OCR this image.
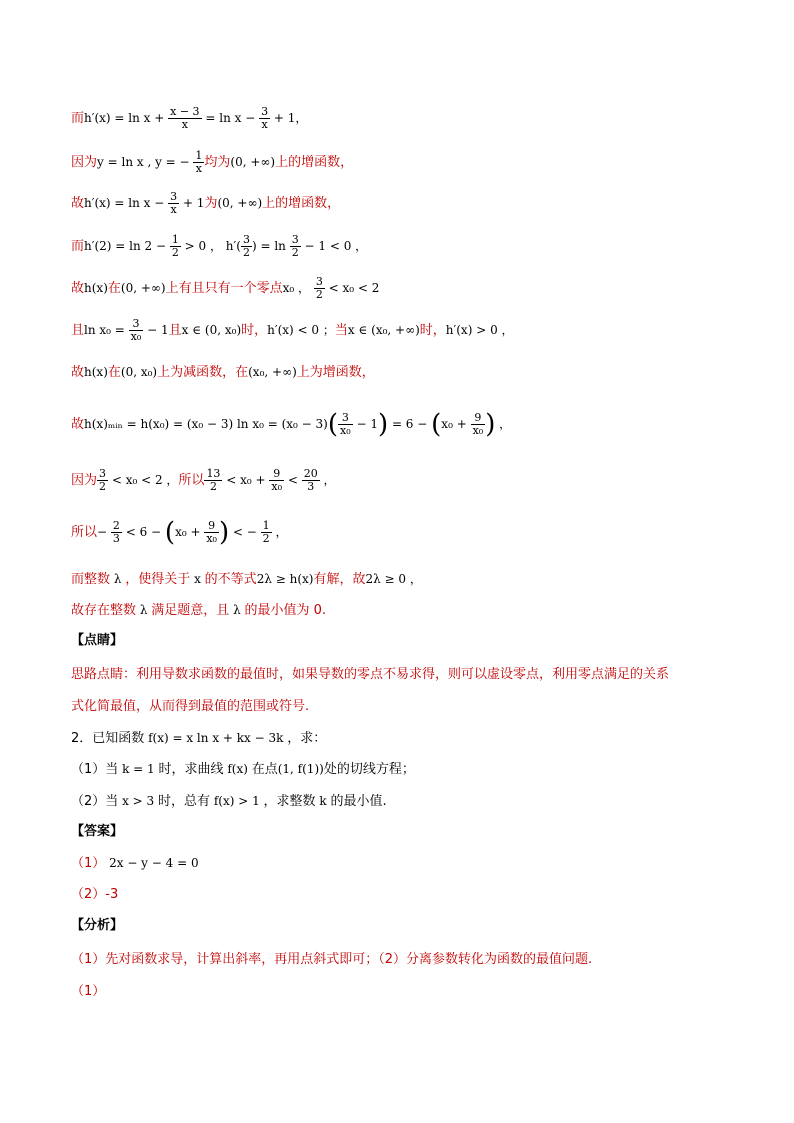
而$h'(x) = \ln x + \frac{x - 3}{x} = \ln x - \frac{3}{x} + 1$，
因为y = ln x , y = − $\frac{1}{x}$ 均为(0, +∞)上的增函数，
故$h'(x) = \ln x - \frac{3}{x} + 1$为(0, +∞)上的增函数，
而$h'(2) = \ln 2 - \frac{1}{2} > 0$ ， $h'( \frac{3}{2}$ ) = $\ln \frac{3}{2} - 1 < 0$ ，
故h(x)在(0, +∞)上有且只有一个零点x₀ ， $\frac{3}{2} < x_0 < 2$
且$\ln x_0 = \frac{3}{\text{x₀}} - 1$且x ∈ (0, x₀)时，h′(x) < 0 ；当x ∈ (x₀, +∞)时，h′(x) > 0 ，
故h(x)在(0, x₀)上为减函数，在(x₀, +∞)上为增函数，
故h(x)ₘᵢₙ = h(x₀) = (x₀ − 3) $\ln x_0 = (x_0 - 3)( \frac{3}{\text{x₀}} - 1) = 6 - (x_0 + \frac{9}{\text{x₀}}$ ) ，
因为 $\frac{3}{2} < x_0 < 2$ ，所以 $\frac{13}{2} < x_0 + \frac{9}{\text{x₀}} < \frac{20}{3}$ ，
所以− $\frac{2}{3} < 6 - (x_0 + \frac{9}{\text{x₀}}$ ) < − $\frac{1}{2}$ ，
而整数 λ ，使得关于 x 的不等式2λ ≥ h(x)有解，故2λ ≥ 0 ，
故存在整数 λ 满足题意，且 λ 的最小值为 0.
【点睛】
思路点睛：利用导数求函数的最值时，如果导数的零点不易求得，则可以虚设零点，利用零点满足的关系
式化简最值，从而得到最值的范围或符号.
2．已知函数 f(x) = x ln x + kx − 3k ，求：
（1）当 k = 1 时，求曲线 f(x) 在点(1, f(1))处的切线方程；
（2）当 x > 3 时，总有 f(x) > 1 ，求整数 k 的最小值.
【答案】
（1） 2x − y − 4 = 0
（2）-3
【分析】
（1）先对函数求导，计算出斜率，再用点斜式即可；（2）分离参数转化为函数的最值问题.
（1）
